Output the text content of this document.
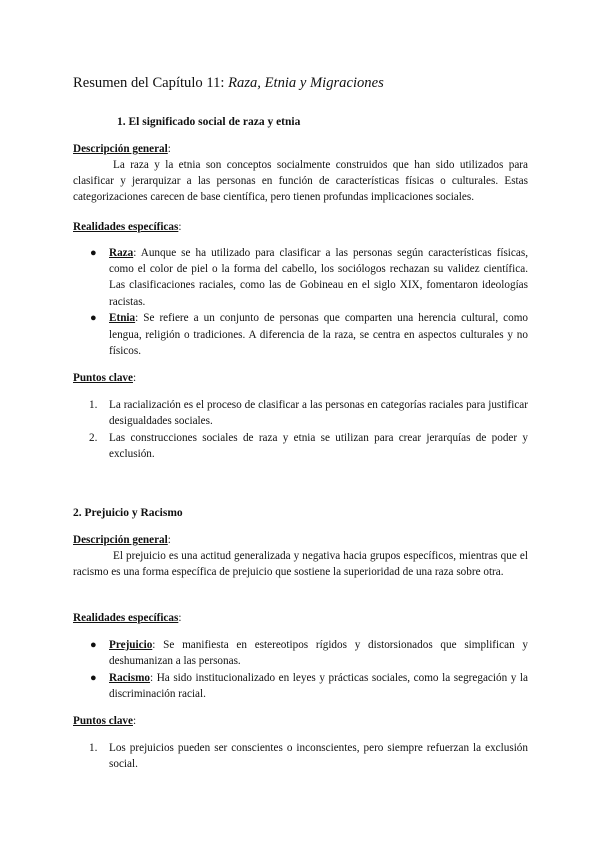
Resumen del Capítulo 11: Raza, Etnia y Migraciones
1. El significado social de raza y etnia

Descripción general:

La raza y la etnia son conceptos socialmente construidos que han sido utilizados para clasificar y jerarquizar a las personas en función de características físicas o culturales. Estas categorizaciones carecen de base científica, pero tienen profundas implicaciones sociales.

Realidades específicas:

● Raza: Aunque se ha utilizado para clasificar a las personas según características físicas, como el color de piel o la forma del cabello, los sociólogos rechazan su validez científica. Las clasificaciones raciales, como las de Gobineau en el siglo XIX, fomentaron ideologías racistas.
● Etnia: Se refiere a un conjunto de personas que comparten una herencia cultural, como lengua, religión o tradiciones. A diferencia de la raza, se centra en aspectos culturales y no físicos.

Puntos clave:

1. La racialización es el proceso de clasificar a las personas en categorías raciales para justificar desigualdades sociales.
2. Las construcciones sociales de raza y etnia se utilizan para crear jerarquías de poder y exclusión.
2. Prejuicio y Racismo

Descripción general:

El prejuicio es una actitud generalizada y negativa hacia grupos específicos, mientras que el racismo es una forma específica de prejuicio que sostiene la superioridad de una raza sobre otra.

Realidades específicas:

● Prejuicio: Se manifiesta en estereotipos rígidos y distorsionados que simplifican y deshumanizan a las personas.
● Racismo: Ha sido institucionalizado en leyes y prácticas sociales, como la segregación y la discriminación racial.

Puntos clave:

1. Los prejuicios pueden ser conscientes o inconscientes, pero siempre refuerzan la exclusión social.
